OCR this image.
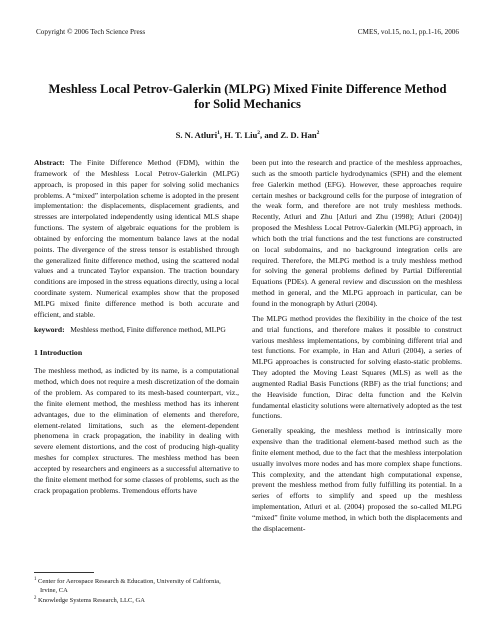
Copyright © 2006 Tech Science Press	CMES, vol.15, no.1, pp.1-16, 2006
Meshless Local Petrov-Galerkin (MLPG) Mixed Finite Difference Method for Solid Mechanics
S. N. Atluri$^1$, H. T. Liu$^2$, and Z. D. Han$^2$

Abstract: The Finite Difference Method (FDM), within the framework of the Meshless Local Petrov-Galerkin (MLPG) approach, is proposed in this paper for solving solid mechanics problems. A “mixed” interpolation scheme is adopted in the present implementation: the displacements, displacement gradients, and stresses are interpolated independently using identical MLS shape functions. The system of algebraic equations for the problem is obtained by enforcing the momentum balance laws at the nodal points. The divergence of the stress tensor is established through the generalized finite difference method, using the scattered nodal values and a truncated Taylor expansion. The traction boundary conditions are imposed in the stress equations directly, using a local coordinate system. Numerical examples show that the proposed MLPG mixed finite difference method is both accurate and efficient, and stable.

keyword: Meshless method, Finite difference method, MLPG

1 Introduction

The meshless method, as indicted by its name, is a computational method, which does not require a mesh discretization of the domain of the problem. As compared to its mesh-based counterpart, viz., the finite element method, the meshless method has its inherent advantages, due to the elimination of elements and therefore, element-related limitations, such as the element-dependent phenomena in crack propagation, the inability in dealing with severe element distortions, and the cost of producing high-quality meshes for complex structures. The meshless method has been accepted by researchers and engineers as a successful alternative to the finite element method for some classes of problems, such as the crack propagation problems. Tremendous efforts have

been put into the research and practice of the meshless approaches, such as the smooth particle hydrodynamics (SPH) and the element free Galerkin method (EFG). However, these approaches require certain meshes or background cells for the purpose of integration of the weak form, and therefore are not truly meshless methods. Recently, Atluri and Zhu [Atluri and Zhu (1998); Atluri (2004)] proposed the Meshless Local Petrov-Galerkin (MLPG) approach, in which both the trial functions and the test functions are constructed on local subdomains, and no background integration cells are required. Therefore, the MLPG method is a truly meshless method for solving the general problems defined by Partial Differential Equations (PDEs). A general review and discussion on the meshless method in general, and the MLPG approach in particular, can be found in the monograph by Atluri (2004).

The MLPG method provides the flexibility in the choice of the test and trial functions, and therefore makes it possible to construct various meshless implementations, by combining different trial and test functions. For example, in Han and Atluri (2004), a series of MLPG approaches is constructed for solving elasto-static problems. They adopted the Moving Least Squares (MLS) as well as the augmented Radial Basis Functions (RBF) as the trial functions; and the Heaviside function, Dirac delta function and the Kelvin fundamental elasticity solutions were alternatively adopted as the test functions.

Generally speaking, the meshless method is intrinsically more expensive than the traditional element-based method such as the finite element method, due to the fact that the meshless interpolation usually involves more nodes and has more complex shape functions. This complexity, and the attendant high computational expense, prevent the meshless method from fully fulfilling its potential. In a series of efforts to simplify and speed up the meshless implementation, Atluri et al. (2004) proposed the so-called MLPG “mixed” finite volume method, in which both the displacements and the displacement-

$^1$ Center for Aerospace Research & Education, University of California, Irvine, CA
$^2$ Knowledge Systems Research, LLC, GA
